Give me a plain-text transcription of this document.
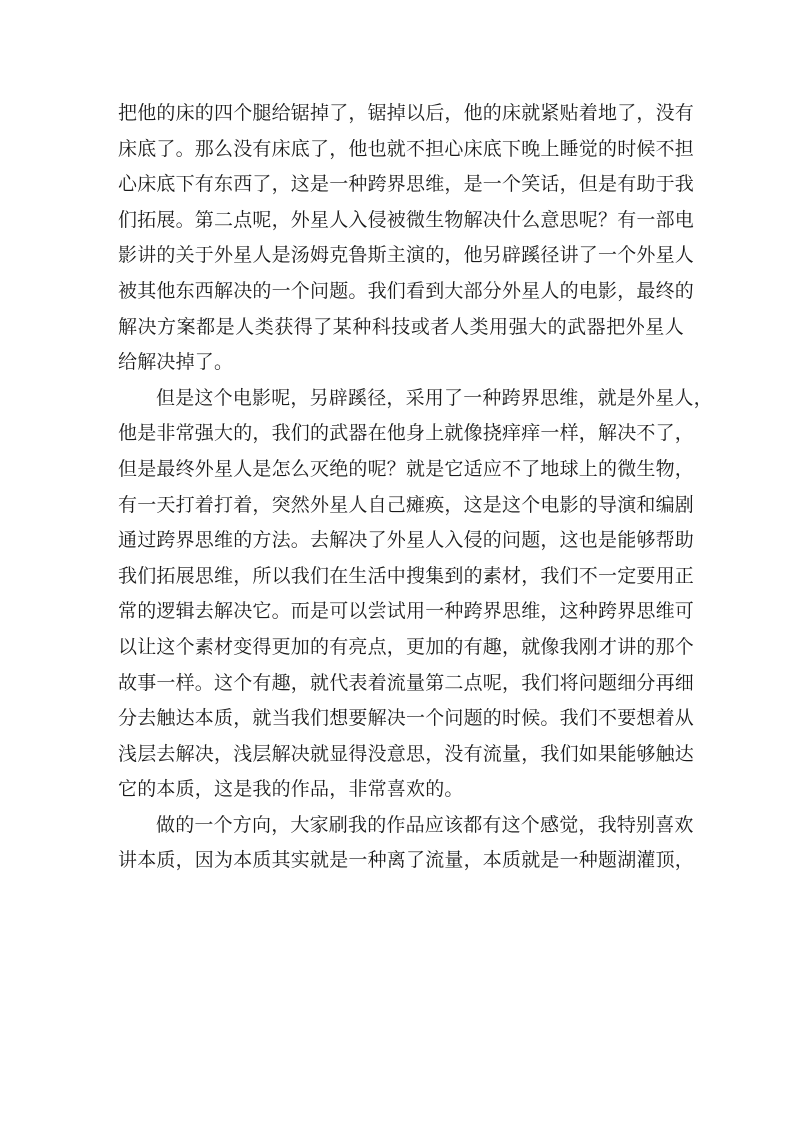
把他的床的四个腿给锯掉了，锯掉以后，他的床就紧贴着地了，没有
床底了。那么没有床底了，他也就不担心床底下晚上睡觉的时候不担
心床底下有东西了，这是一种跨界思维，是一个笑话，但是有助于我
们拓展。第二点呢，外星人入侵被微生物解决什么意思呢？有一部电
影讲的关于外星人是汤姆克鲁斯主演的，他另辟蹊径讲了一个外星人
被其他东西解决的一个问题。我们看到大部分外星人的电影，最终的
解决方案都是人类获得了某种科技或者人类用强大的武器把外星人
给解决掉了。
但是这个电影呢，另辟蹊径，采用了一种跨界思维，就是外星人，
他是非常强大的，我们的武器在他身上就像挠痒痒一样，解决不了，
但是最终外星人是怎么灭绝的呢？就是它适应不了地球上的微生物，
有一天打着打着，突然外星人自己瘫痪，这是这个电影的导演和编剧
通过跨界思维的方法。去解决了外星人入侵的问题，这也是能够帮助
我们拓展思维，所以我们在生活中搜集到的素材，我们不一定要用正
常的逻辑去解决它。而是可以尝试用一种跨界思维，这种跨界思维可
以让这个素材变得更加的有亮点，更加的有趣，就像我刚才讲的那个
故事一样。这个有趣，就代表着流量第二点呢，我们将问题细分再细
分去触达本质，就当我们想要解决一个问题的时候。我们不要想着从
浅层去解决，浅层解决就显得没意思，没有流量，我们如果能够触达
它的本质，这是我的作品，非常喜欢的。
做的一个方向，大家刷我的作品应该都有这个感觉，我特别喜欢
讲本质，因为本质其实就是一种离了流量，本质就是一种题湖灌顶，
